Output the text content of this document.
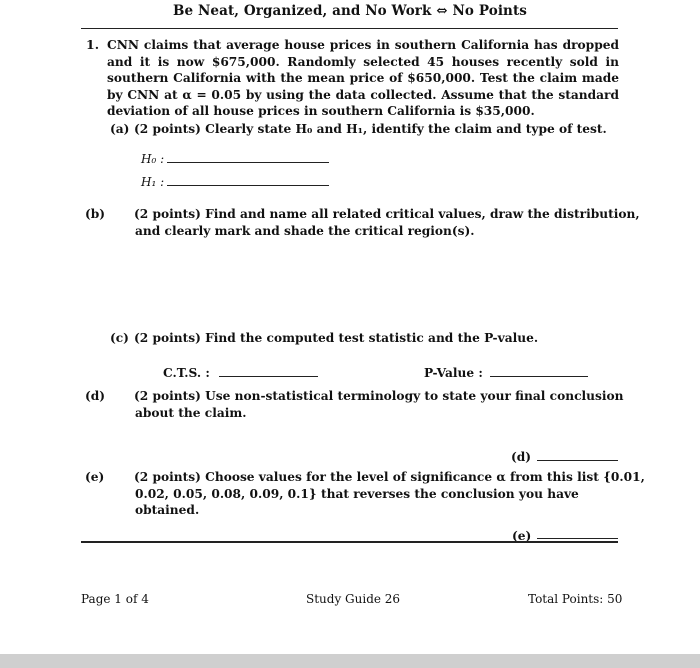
Be Neat, Organized, and No Work ⇔ No Points
1. CNN claims that average house prices in southern California has dropped and it is now $675,000. Randomly selected 45 houses recently sold in southern California with the mean price of $650,000. Test the claim made by CNN at α = 0.05 by using the data collected. Assume that the standard deviation of all house prices in southern California is $35,000.
(a) (2 points) Clearly state H₀ and H₁, identify the claim and type of test.
H₀ :
H₁ :
(b) (2 points) Find and name all related critical values, draw the distribution, and clearly mark and shade the critical region(s).
(c) (2 points) Find the computed test statistic and the P-value.
C.T.S. :	P-Value :
(d) (2 points) Use non-statistical terminology to state your final conclusion about the claim.
(d)
(e) (2 points) Choose values for the level of significance α from this list {0.01, 0.02, 0.05, 0.08, 0.09, 0.1} that reverses the conclusion you have obtained.
(e)
Page 1 of 4	Study Guide 26	Total Points: 50
